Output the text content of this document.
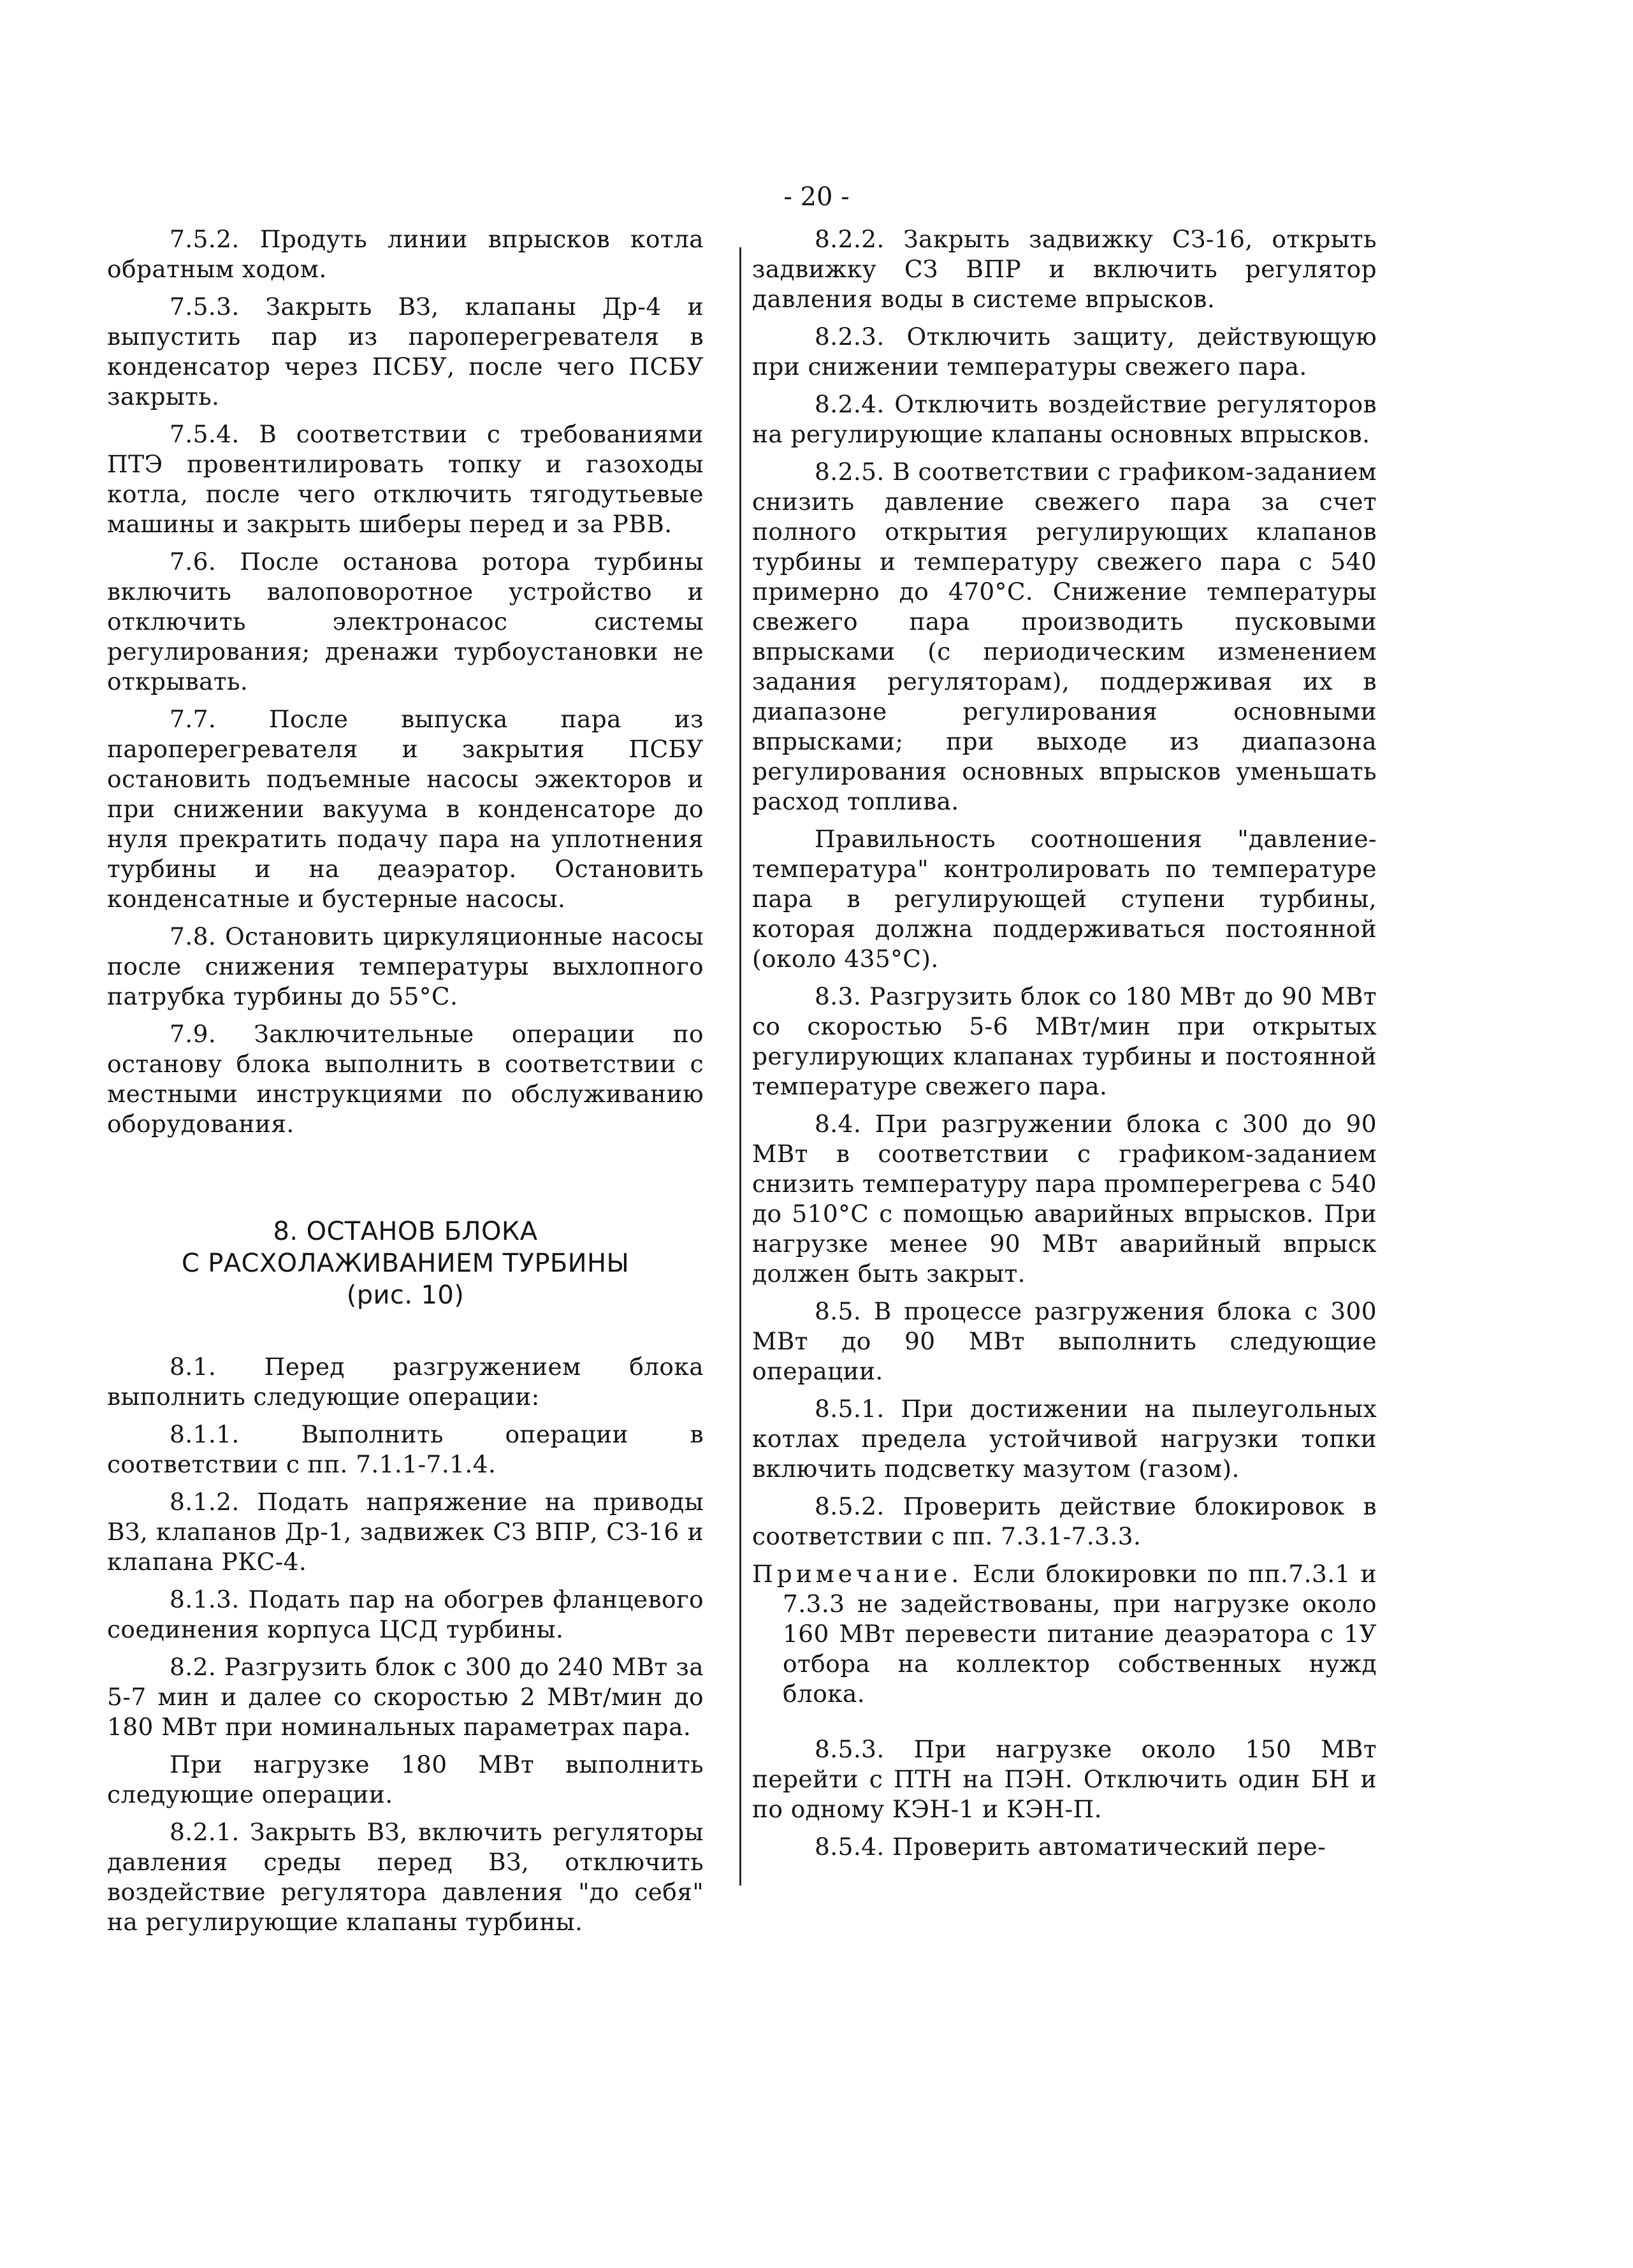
- 20 -

7.5.2. Продуть линии впрысков котла обратным ходом.

7.5.3. Закрыть ВЗ, клапаны Др-4 и выпустить пар из пароперегревателя в конденсатор через ПСБУ, после чего ПСБУ закрыть.

7.5.4. В соответствии с требованиями ПТЭ провентилировать топку и газоходы котла, после чего отключить тягодутьевые машины и закрыть шиберы перед и за РВВ.

7.6. После останова ротора турбины включить валоповоротное устройство и отключить электронасос системы регулирования; дренажи турбоустановки не открывать.

7.7. После выпуска пара из пароперегревателя и закрытия ПСБУ остановить подъемные насосы эжекторов и при снижении вакуума в конденсаторе до нуля прекратить подачу пара на уплотнения турбины и на деаэратор. Остановить конденсатные и бустерные насосы.

7.8. Остановить циркуляционные насосы после снижения температуры выхлопного патрубка турбины до 55°С.

7.9. Заключительные операции по останову блока выполнить в соответствии с местными инструкциями по обслуживанию оборудования.

8. ОСТАНОВ БЛОКА
С РАСХОЛАЖИВАНИЕМ ТУРБИНЫ
(рис. 10)

8.1. Перед разгружением блока выполнить следующие операции:

8.1.1. Выполнить операции в соответствии с пп. 7.1.1-7.1.4.

8.1.2. Подать напряжение на приводы ВЗ, клапанов Др-1, задвижек СЗ ВПР, СЗ-16 и клапана РКС-4.

8.1.3. Подать пар на обогрев фланцевого соединения корпуса ЦСД турбины.

8.2. Разгрузить блок с 300 до 240 МВт за 5-7 мин и далее со скоростью 2 МВт/мин до 180 МВт при номинальных параметрах пара.

При нагрузке 180 МВт выполнить следующие операции.

8.2.1. Закрыть ВЗ, включить регуляторы давления среды перед ВЗ, отключить воздействие регулятора давления "до себя" на регулирующие клапаны турбины.

8.2.2. Закрыть задвижку СЗ-16, открыть задвижку СЗ ВПР и включить регулятор давления воды в системе впрысков.

8.2.3. Отключить защиту, действующую при снижении температуры свежего пара.

8.2.4. Отключить воздействие регуляторов на регулирующие клапаны основных впрысков.

8.2.5. В соответствии с графиком-заданием снизить давление свежего пара за счет полного открытия регулирующих клапанов турбины и температуру свежего пара с 540 примерно до 470°С. Снижение температуры свежего пара производить пусковыми впрысками (с периодическим изменением задания регуляторам), поддерживая их в диапазоне регулирования основными впрысками; при выходе из диапазона регулирования основных впрысков уменьшать расход топлива.

Правильность соотношения "давление-температура" контролировать по температуре пара в регулирующей ступени турбины, которая должна поддерживаться постоянной (около 435°С).

8.3. Разгрузить блок со 180 МВт до 90 МВт со скоростью 5-6 МВт/мин при открытых регулирующих клапанах турбины и постоянной температуре свежего пара.

8.4. При разгружении блока с 300 до 90 МВт в соответствии с графиком-заданием снизить температуру пара промперегрева с 540 до 510°С с помощью аварийных впрысков. При нагрузке менее 90 МВт аварийный впрыск должен быть закрыт.

8.5. В процессе разгружения блока с 300 МВт до 90 МВт выполнить следующие операции.

8.5.1. При достижении на пылеугольных котлах предела устойчивой нагрузки топки включить подсветку мазутом (газом).

8.5.2. Проверить действие блокировок в соответствии с пп. 7.3.1-7.3.3.

Примечание. Если блокировки по пп.7.3.1 и 7.3.3 не задействованы, при нагрузке около 160 МВт перевести питание деаэратора с 1У отбора на коллектор собственных нужд блока.

8.5.3. При нагрузке около 150 МВт перейти с ПТН на ПЭН. Отключить один БН и по одному КЭН-1 и КЭН-П.

8.5.4. Проверить автоматический пере-
